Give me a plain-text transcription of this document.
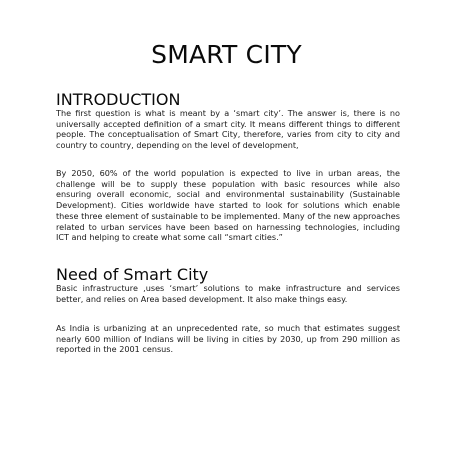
SMART CITY
INTRODUCTION

The first question is what is meant by a ‘smart city’. The answer is, there is no universally accepted definition of a smart city. It means different things to different people. The conceptualisation of Smart City, therefore, varies from city to city and country to country, depending on the level of development,

By 2050, 60% of the world population is expected to live in urban areas, the challenge will be to supply these population with basic resources while also ensuring overall economic, social and environmental sustainability (Sustainable Development). Cities worldwide have started to look for solutions which enable these three element of sustainable to be implemented. Many of the new approaches related to urban services have been based on harnessing technologies, including ICT and helping to create what some call “smart cities.”

Need of Smart City

Basic infrastructure ,uses ‘smart’ solutions to make infrastructure and services better, and relies on Area based development. It also make things easy.

As India is urbanizing at an unprecedented rate, so much that estimates suggest nearly 600 million of Indians will be living in cities by 2030, up from 290 million as reported in the 2001 census.
